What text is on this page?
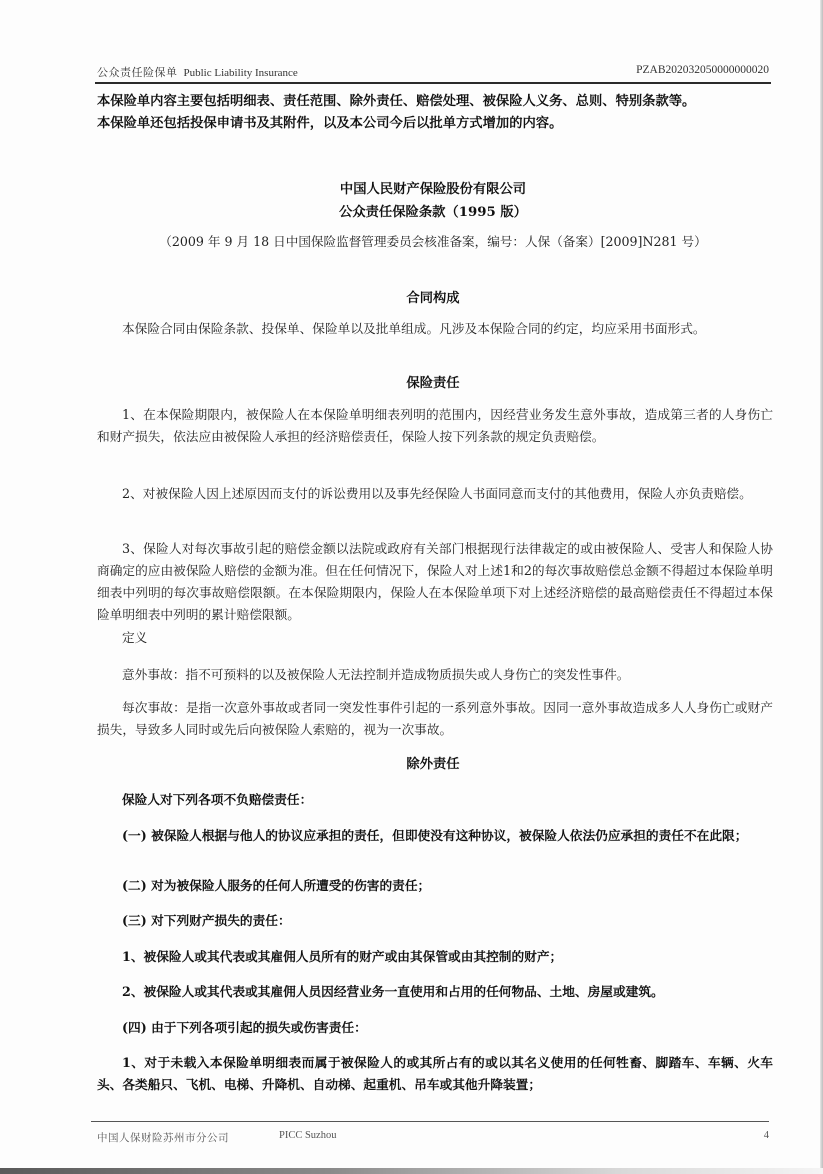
公众责任险保单 Public Liability Insurance	PZAB202032050000000020
本保险单内容主要包括明细表、责任范围、除外责任、赔偿处理、被保险人义务、总则、特别条款等。
本保险单还包括投保申请书及其附件，以及本公司今后以批单方式增加的内容。
中国人民财产保险股份有限公司
公众责任保险条款（1995 版）
（2009 年 9 月 18 日中国保险监督管理委员会核准备案，编号：人保（备案）[2009]N281 号）
合同构成
本保险合同由保险条款、投保单、保险单以及批单组成。凡涉及本保险合同的约定，均应采用书面形式。
保险责任
1、在本保险期限内，被保险人在本保险单明细表列明的范围内，因经营业务发生意外事故，造成第三者的人身伤亡和财产损失，依法应由被保险人承担的经济赔偿责任，保险人按下列条款的规定负责赔偿。
2、对被保险人因上述原因而支付的诉讼费用以及事先经保险人书面同意而支付的其他费用，保险人亦负责赔偿。
3、保险人对每次事故引起的赔偿金额以法院或政府有关部门根据现行法律裁定的或由被保险人、受害人和保险人协商确定的应由被保险人赔偿的金额为准。但在任何情况下，保险人对上述1和2的每次事故赔偿总金额不得超过本保险单明细表中列明的每次事故赔偿限额。在本保险期限内，保险人在本保险单项下对上述经济赔偿的最高赔偿责任不得超过本保险单明细表中列明的累计赔偿限额。
定义
意外事故：指不可预料的以及被保险人无法控制并造成物质损失或人身伤亡的突发性事件。
每次事故：是指一次意外事故或者同一突发性事件引起的一系列意外事故。因同一意外事故造成多人人身伤亡或财产损失，导致多人同时或先后向被保险人索赔的，视为一次事故。
除外责任
保险人对下列各项不负赔偿责任：
(一) 被保险人根据与他人的协议应承担的责任，但即使没有这种协议，被保险人依法仍应承担的责任不在此限；
(二) 对为被保险人服务的任何人所遭受的伤害的责任；
(三) 对下列财产损失的责任：
1、被保险人或其代表或其雇佣人员所有的财产或由其保管或由其控制的财产；
2、被保险人或其代表或其雇佣人员因经营业务一直使用和占用的任何物品、土地、房屋或建筑。
(四) 由于下列各项引起的损失或伤害责任：
1、对于未载入本保险单明细表而属于被保险人的或其所占有的或以其名义使用的任何牲畜、脚踏车、车辆、火车头、各类船只、飞机、电梯、升降机、自动梯、起重机、吊车或其他升降装置；
中国人保财险苏州市分公司	PICC Suzhou	4
